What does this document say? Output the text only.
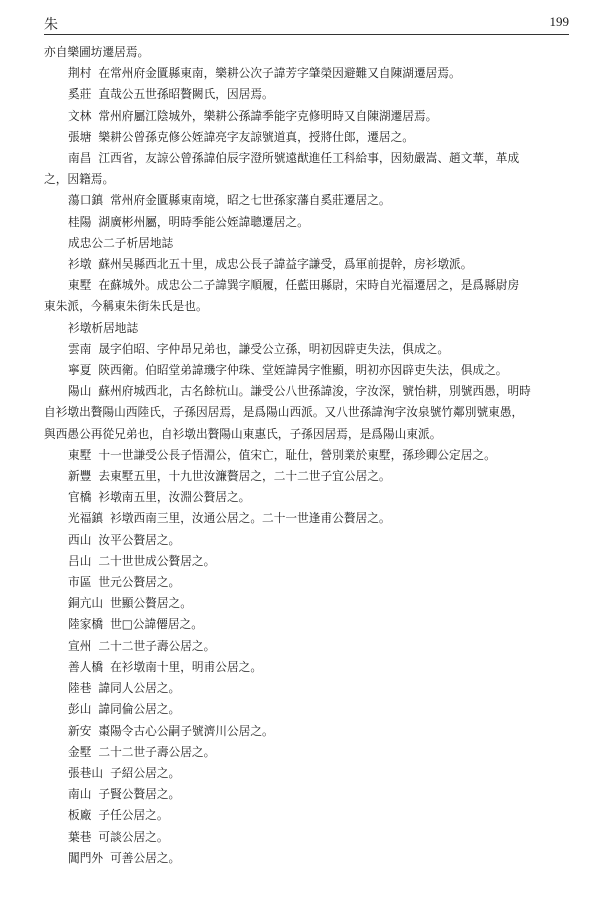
朱	199
亦自樂圃坊遷居焉。
荆村 在常州府金匱縣東南，樂耕公次子諱芳字肇榮因避難又自陳湖遷居焉。
奚莊 直哉公五世孫昭贅闕氏，因居焉。
文林 常州府屬江陰城外，樂耕公孫諱季能字克修明時又自陳湖遷居焉。
張塘 樂耕公曾孫克修公姪諱亮字友諒號道真，授將仕郎，遷居之。
南昌 江西省，友諒公曾孫諱伯辰字澄所號遠猷進任工科給事，因劾嚴嵩、趙文華，革成
之，因籍焉。
蕩口鎮 常州府金匱縣東南境，昭之七世孫家藩自奚莊遷居之。
桂陽 湖廣彬州屬，明時季能公姪諱聰遷居之。
成忠公二子析居地誌
衫墩 蘇州吴縣西北五十里，成忠公長子諱益字謙受，爲軍前提幹，房衫墩派。
東墅 在蘇城外。成忠公二子諱巽字順履，任藍田縣尉，宋時自光福遷居之，是爲縣尉房
東朱派，今稱東朱街朱氏是也。
衫墩析居地誌
雲南 晟字伯昭、字仲昂兄弟也，謙受公立孫，明初因辟吏失法，俱成之。
寧夏 陝西衛。伯昭堂弟諱璣字仲珠、堂姪諱昺字惟顯，明初亦因辟吏失法，俱成之。
陽山 蘇州府城西北，古名餘杭山。謙受公八世孫諱浚，字汝深，號怡耕，別號西愚，明時
自衫墩出贅陽山西陸氏，子孫因居焉，是爲陽山西派。又八世孫諱洵字汝泉號竹鄰別號東愚，
與西愚公再從兄弟也，自衫墩出贅陽山東惠氏，子孫因居焉，是爲陽山東派。
東墅 十一世謙受公長子悟淵公，值宋亡，耻仕，營別業於東墅，孫珍卿公定居之。
新豐 去東墅五里，十九世汝濂贅居之，二十二世子宜公居之。
官橋 衫墩南五里，汝淵公贅居之。
光福鎮 衫墩西南三里，汝通公居之。二十一世逢甫公贅居之。
西山 汝平公贅居之。
吕山 二十世世成公贅居之。
市區 世元公贅居之。
銅亢山 世顯公贅居之。
陸家橋 世□公諱僊居之。
宣州 二十二世子壽公居之。
善人橋 在衫墩南十里，明甫公居之。
陸巷 諱同人公居之。
彭山 諱同倫公居之。
新安 棗陽令古心公嗣子號濟川公居之。
金墅 二十二世子壽公居之。
張巷山 子紹公居之。
南山 子賢公贅居之。
板廠 子任公居之。
葉巷 可談公居之。
閶門外 可善公居之。
